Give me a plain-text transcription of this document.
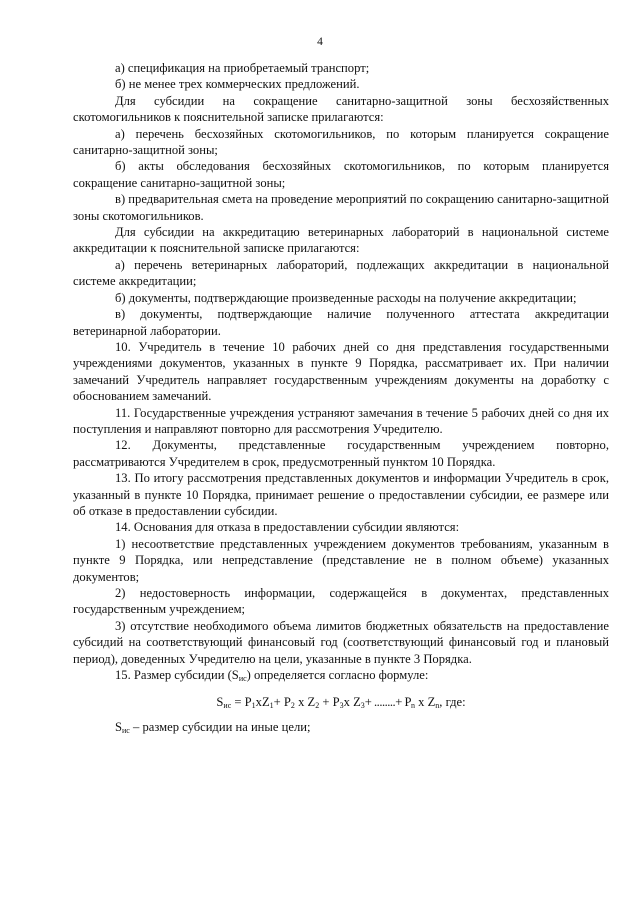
4

а) спецификация на приобретаемый транспорт;

б) не менее трех коммерческих предложений.

Для субсидии на сокращение санитарно-защитной зоны бесхозяйственных скотомогильников к пояснительной запискe прилагаются:

а) перечень бесхозяйных скотомогильников, по которым планируется сокращение санитарно-защитной зоны;

б) акты обследования бесхозяйных скотомогильников, по которым планируется сокращение санитарно-защитной зоны;

в) предварительная смета на проведение мероприятий по сокращению санитарно-защитной зоны скотомогильников.

Для субсидии на аккредитацию ветеринарных лабораторий в национальной системе аккредитации к пояснительной записке прилагаются:

а) перечень ветеринарных лабораторий, подлежащих аккредитации в национальной системе аккредитации;

б) документы, подтверждающие произведенные расходы на получение аккредитации;

в) документы, подтверждающие наличие полученного аттестата аккредитации ветеринарной лаборатории.

10. Учредитель в течение 10 рабочих дней со дня представления государственными учреждениями документов, указанных в пункте 9 Порядка, рассматривает их. При наличии замечаний Учредитель направляет государственным учреждениям документы на доработку с обоснованием замечаний.

11. Государственные учреждения устраняют замечания в течение 5 рабочих дней со дня их поступления и направляют повторно для рассмотрения Учредителю.

12. Документы, представленные государственным учреждением повторно, рассматриваются Учредителем в срок, предусмотренный пунктом 10 Порядка.

13. По итогу рассмотрения представленных документов и информации Учредитель в срок, указанный в пункте 10 Порядка, принимает решение о предоставлении субсидии, ее размере или об отказе в предоставлении субсидии.

14. Основания для отказа в предоставлении субсидии являются:

1) несоответствие представленных учреждением документов требованиям, указанным в пункте 9 Порядка, или непредставление (представление не в полном объеме) указанных документов;

2) недостоверность информации, содержащейся в документах, представленных государственным учреждением;

3) отсутствие необходимого объема лимитов бюджетных обязательств на предоставление субсидий на соответствующий финансовый год (соответствующий финансовый год и плановый период), доведенных Учредителю на цели, указанные в пункте 3 Порядка.

15. Размер субсидии $(S_{ис})$ определяется согласно формуле:

$S_{ис} = P_1xZ_1+ P_2$ x $Z_2 + P_3x$ $Z_3+$ ........+ $P_n$ x $Z_n$, где:

$S_{ис}$ – размер субсидии на иные цели;
